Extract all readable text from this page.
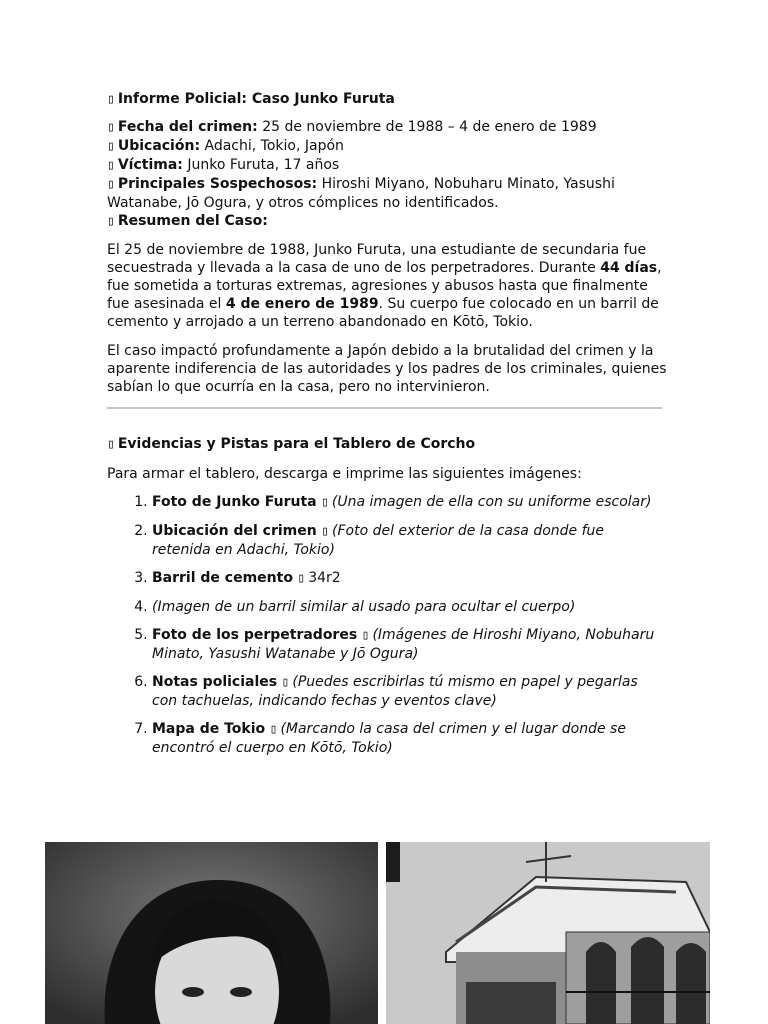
▯ Informe Policial: Caso Junko Furuta
▯ Fecha del crimen: 25 de noviembre de 1988 – 4 de enero de 1989
▯ Ubicación: Adachi, Tokio, Japón
▯ Víctima: Junko Furuta, 17 años
▯ Principales Sospechosos: Hiroshi Miyano, Nobuharu Minato, Yasushi Watanabe, Jō Ogura, y otros cómplices no identificados.
▯ Resumen del Caso:

El 25 de noviembre de 1988, Junko Furuta, una estudiante de secundaria fue secuestrada y llevada a la casa de uno de los perpetradores. Durante 44 días, fue sometida a torturas extremas, agresiones y abusos hasta que finalmente fue asesinada el 4 de enero de 1989. Su cuerpo fue colocado en un barril de cemento y arrojado a un terreno abandonado en Kōtō, Tokio.

El caso impactó profundamente a Japón debido a la brutalidad del crimen y la aparente indiferencia de las autoridades y los padres de los criminales, quienes sabían lo que ocurría en la casa, pero no intervinieron.

▯ Evidencias y Pistas para el Tablero de Corcho

Para armar el tablero, descarga e imprime las siguientes imágenes:

1. Foto de Junko Furuta ▯ (Una imagen de ella con su uniforme escolar)
2. Ubicación del crimen ▯ (Foto del exterior de la casa donde fue retenida en Adachi, Tokio)
3. Barril de cemento ▯ 34r2
4. (Imagen de un barril similar al usado para ocultar el cuerpo)
5. Foto de los perpetradores ▯ (Imágenes de Hiroshi Miyano, Nobuharu Minato, Yasushi Watanabe y Jō Ogura)
6. Notas policiales ▯ (Puedes escribirlas tú mismo en papel y pegarlas con tachuelas, indicando fechas y eventos clave)
7. Mapa de Tokio ▯ (Marcando la casa del crimen y el lugar donde se encontró el cuerpo en Kōtō, Tokio)
